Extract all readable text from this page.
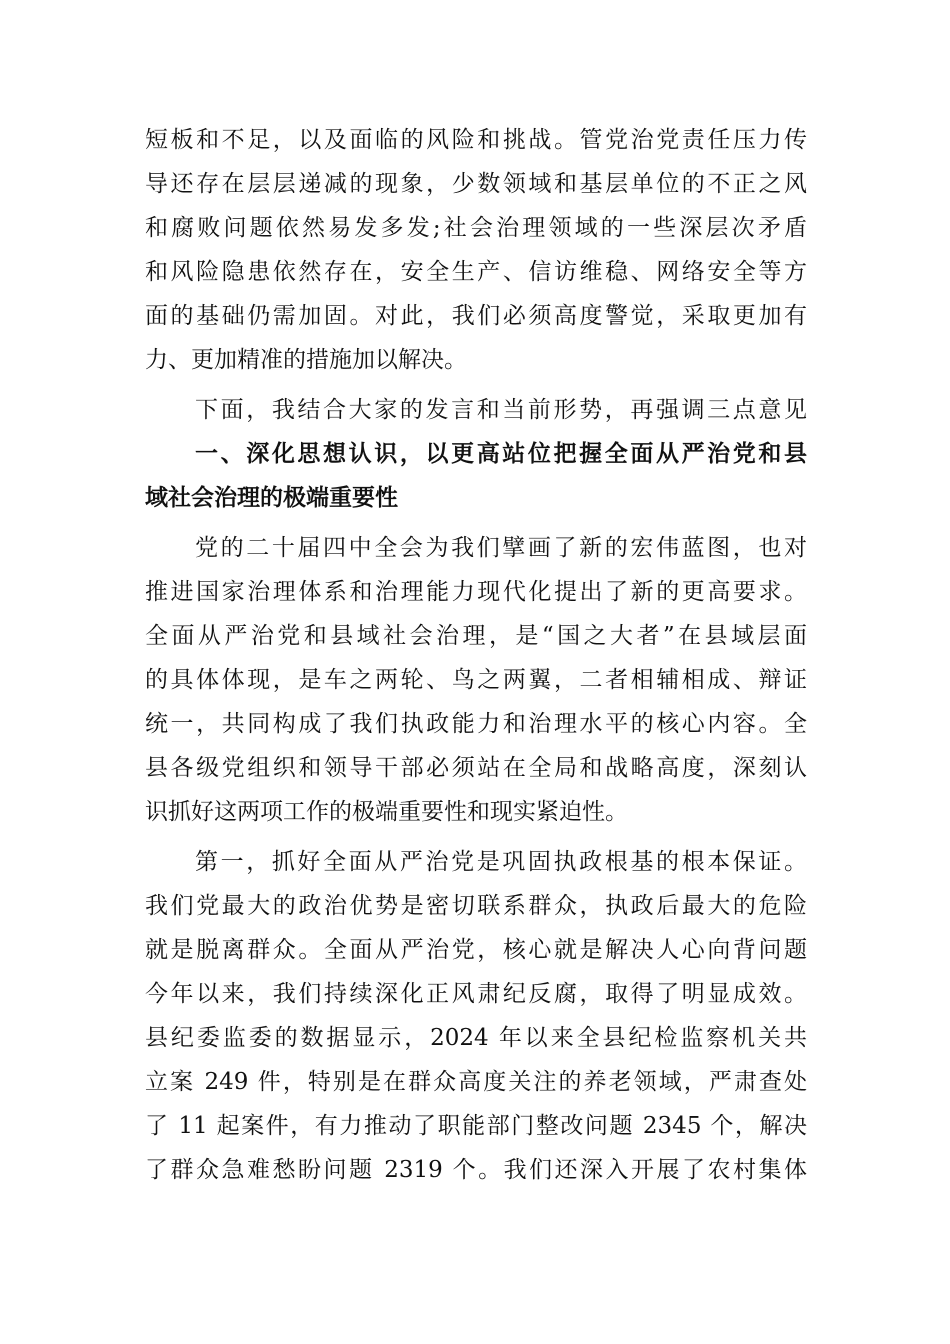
短板和不足，以及面临的风险和挑战。管党治党责任压力传
导还存在层层递减的现象，少数领域和基层单位的不正之风
和腐败问题依然易发多发;社会治理领域的一些深层次矛盾
和风险隐患依然存在，安全生产、信访维稳、网络安全等方
面的基础仍需加固。对此，我们必须高度警觉，采取更加有
力、更加精准的措施加以解决。
下面，我结合大家的发言和当前形势，再强调三点意见
一、深化思想认识，以更高站位把握全面从严治党和县
域社会治理的极端重要性
党的二十届四中全会为我们擘画了新的宏伟蓝图，也对
推进国家治理体系和治理能力现代化提出了新的更高要求。
全面从严治党和县域社会治理，是“国之大者”在县域层面
的具体体现，是车之两轮、鸟之两翼，二者相辅相成、辩证
统一，共同构成了我们执政能力和治理水平的核心内容。全
县各级党组织和领导干部必须站在全局和战略高度，深刻认
识抓好这两项工作的极端重要性和现实紧迫性。
第一，抓好全面从严治党是巩固执政根基的根本保证。
我们党最大的政治优势是密切联系群众，执政后最大的危险
就是脱离群众。全面从严治党，核心就是解决人心向背问题
今年以来，我们持续深化正风肃纪反腐，取得了明显成效。
县纪委监委的数据显示，2024 年以来全县纪检监察机关共
立案 249 件，特别是在群众高度关注的养老领域，严肃查处
了 11 起案件，有力推动了职能部门整改问题 2345 个，解决
了群众急难愁盼问题 2319 个。我们还深入开展了农村集体
